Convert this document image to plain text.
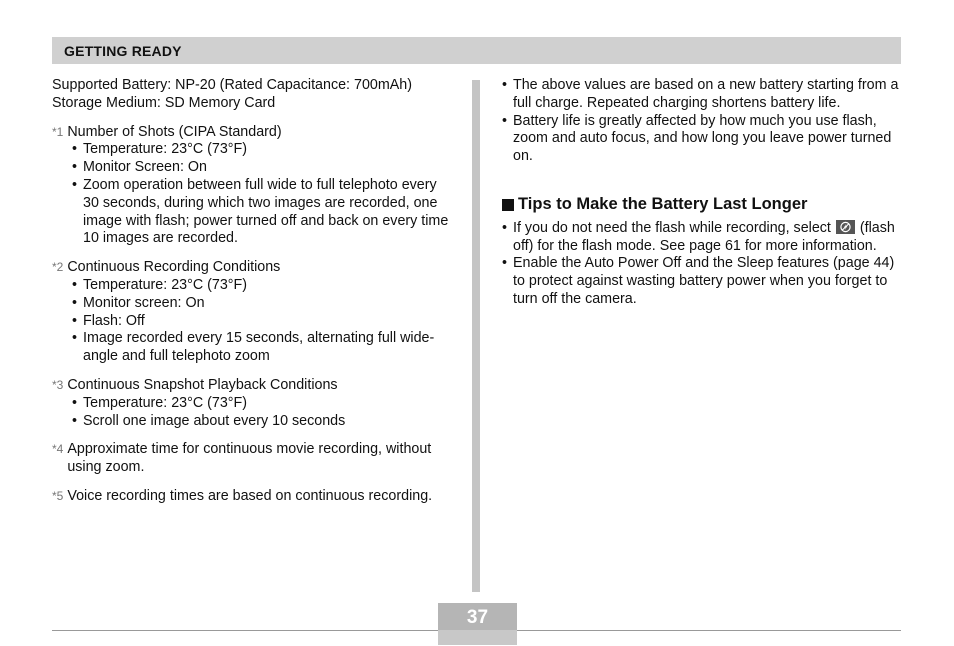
GETTING READY

Supported Battery: NP-20 (Rated Capacitance: 700mAh)

Storage Medium: SD Memory Card

*1
Number of Shots (CIPA Standard)
• Temperature: 23°C (73°F)
• Monitor Screen: On
• Zoom operation between full wide to full telephoto every 30 seconds, during which two images are recorded, one image with flash; power turned off and back on every time 10 images are recorded.
*2
Continuous Recording Conditions
• Temperature: 23°C (73°F)
• Monitor screen: On
• Flash: Off
• Image recorded every 15 seconds, alternating full wide-angle and full telephoto zoom
*3
Continuous Snapshot Playback Conditions
• Temperature: 23°C (73°F)
• Scroll one image about every 10 seconds
*4
Approximate time for continuous movie recording, without using zoom.
*5
Voice recording times are based on continuous recording.
• The above values are based on a new battery starting from a full charge. Repeated charging shortens battery life.
• Battery life is greatly affected by how much you use flash, zoom and auto focus, and how long you leave power turned on.
Tips to Make the Battery Last Longer
• If you do not need the flash while recording, select (flash off) for the flash mode. See page 61 for more information.
• Enable the Auto Power Off and the Sleep features (page 44) to protect against wasting battery power when you forget to turn off the camera.
37
